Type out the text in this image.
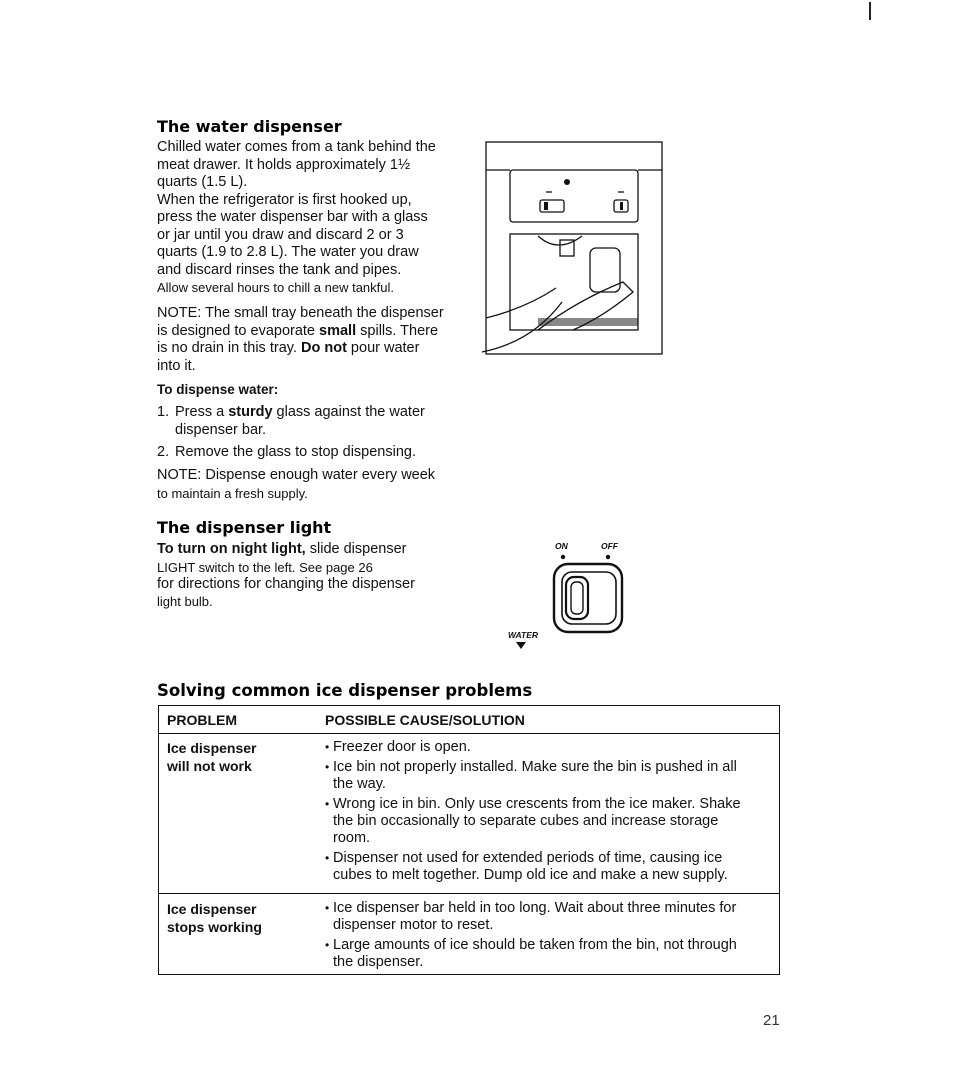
The water dispenser

Chilled water comes from a tank behind the

meat drawer. It holds approximately 1½

quarts (1.5 L).

When the refrigerator is first hooked up,

press the water dispenser bar with a glass

or jar until you draw and discard 2 or 3

quarts (1.9 to 2.8 L). The water you draw

and discard rinses the tank and pipes.

Allow several hours to chill a new tankful.

NOTE: The small tray beneath the dispenser

is designed to evaporate small spills. There

is no drain in this tray. Do not pour water

into it.

To dispense water:
1. Press a sturdy glass against the water
dispenser bar.
2. Remove the glass to stop dispensing.

NOTE: Dispense enough water every week

to maintain a fresh supply.

The dispenser light

To turn on night light, slide dispenser

LIGHT switch to the left. See page 26

for directions for changing the dispenser

light bulb.

ON	OFF
WATER
Solving common ice dispenser problems
PROBLEM	POSSIBLE CAUSE/SOLUTION
Ice dispenser
will not work
• Freezer door is open.
• Ice bin not properly installed. Make sure the bin is pushed in all the way.
• Wrong ice in bin. Only use crescents from the ice maker. Shake the bin occasionally to separate cubes and increase storage room.
• Dispenser not used for extended periods of time, causing ice cubes to melt together. Dump old ice and make a new supply.
Ice dispenser
stops working
• Ice dispenser bar held in too long. Wait about three minutes for dispenser motor to reset.
• Large amounts of ice should be taken from the bin, not through the dispenser.
21
